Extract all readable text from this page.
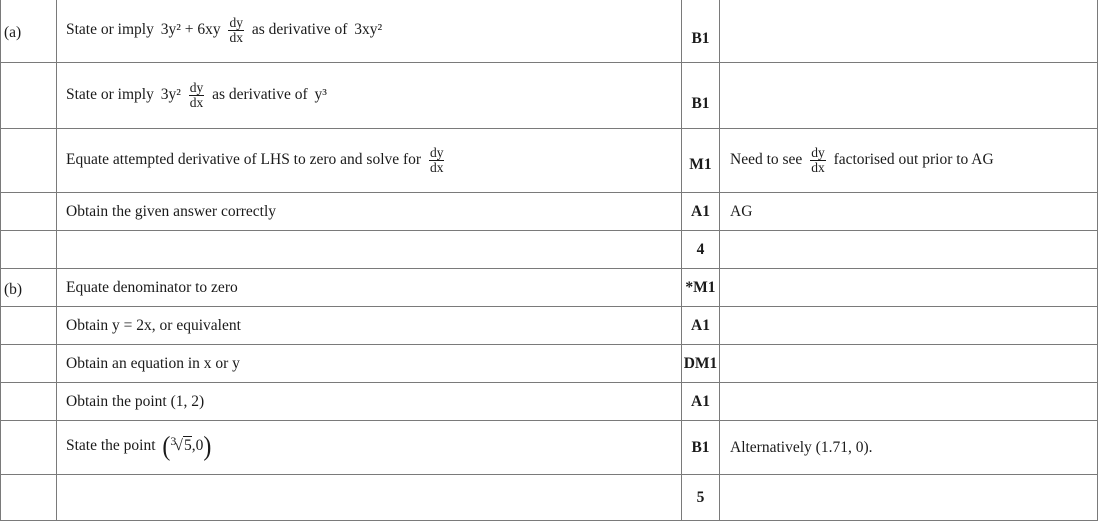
(a)	State or imply $3y^2 + 6xy \frac{dy}{dx}$ as derivative of 3xy²	B1	
	State or imply $3y^2 \frac{dy}{dx}$ as derivative of y³	B1	
	Equate attempted derivative of LHS to zero and solve for $\frac{dy}{dx}$	M1	Need to see $\frac{dy}{dx}$ factorised out prior to AG
	Obtain the given answer correctly	A1	AG
		4	
(b)	Equate denominator to zero	*M1	
	Obtain y = 2x, or equivalent	A1	
	Obtain an equation in x or y	DM1	
	Obtain the point (1, 2)	A1	
	State the point ($^3$√5,0)	B1	Alternatively (1.71, 0).
		5	
